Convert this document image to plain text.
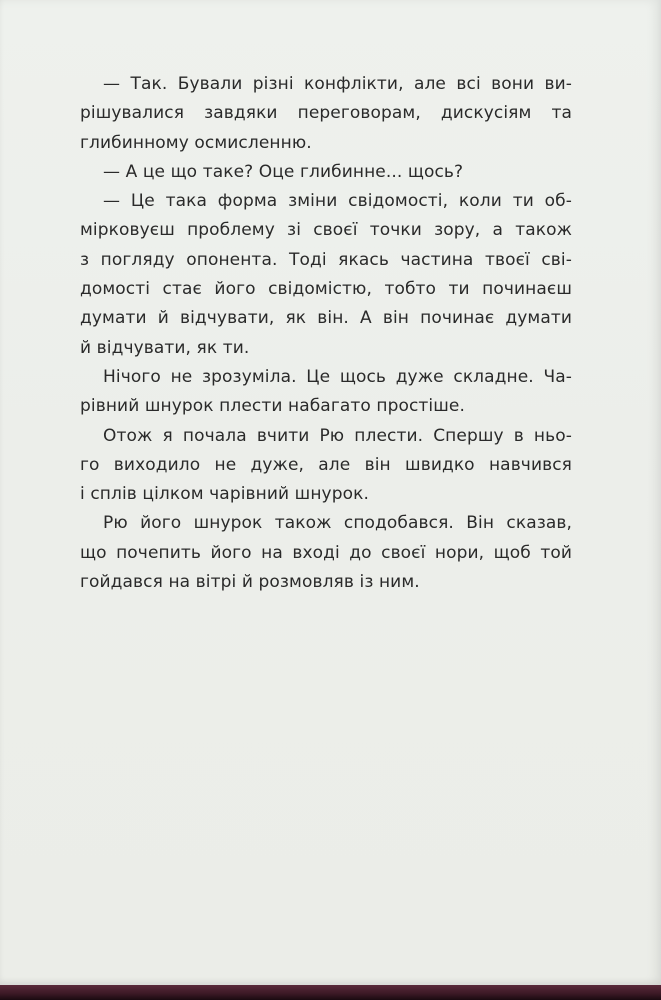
— Так. Бували різні конфлікти, але всі вони ви-
рішувалися завдяки переговорам, дискусіям та
глибинному осмисленню.
— А це що таке? Оце глибинне... щось?
— Це така форма зміни свідомості, коли ти об-
мірковуєш проблему зі своєї точки зору, а також
з погляду опонента. Тоді якась частина твоєї сві-
домості стає його свідомістю, тобто ти починаєш
думати й відчувати, як він. А він починає думати
й відчувати, як ти.
Нічого не зрозуміла. Це щось дуже складне. Ча-
рівний шнурок плести набагато простіше.
Отож я почала вчити Рю плести. Спершу в ньо-
го виходило не дуже, але він швидко навчився
і сплів цілком чарівний шнурок.
Рю його шнурок також сподобався. Він сказав,
що почепить його на вході до своєї нори, щоб той
гойдався на вітрі й розмовляв із ним.
